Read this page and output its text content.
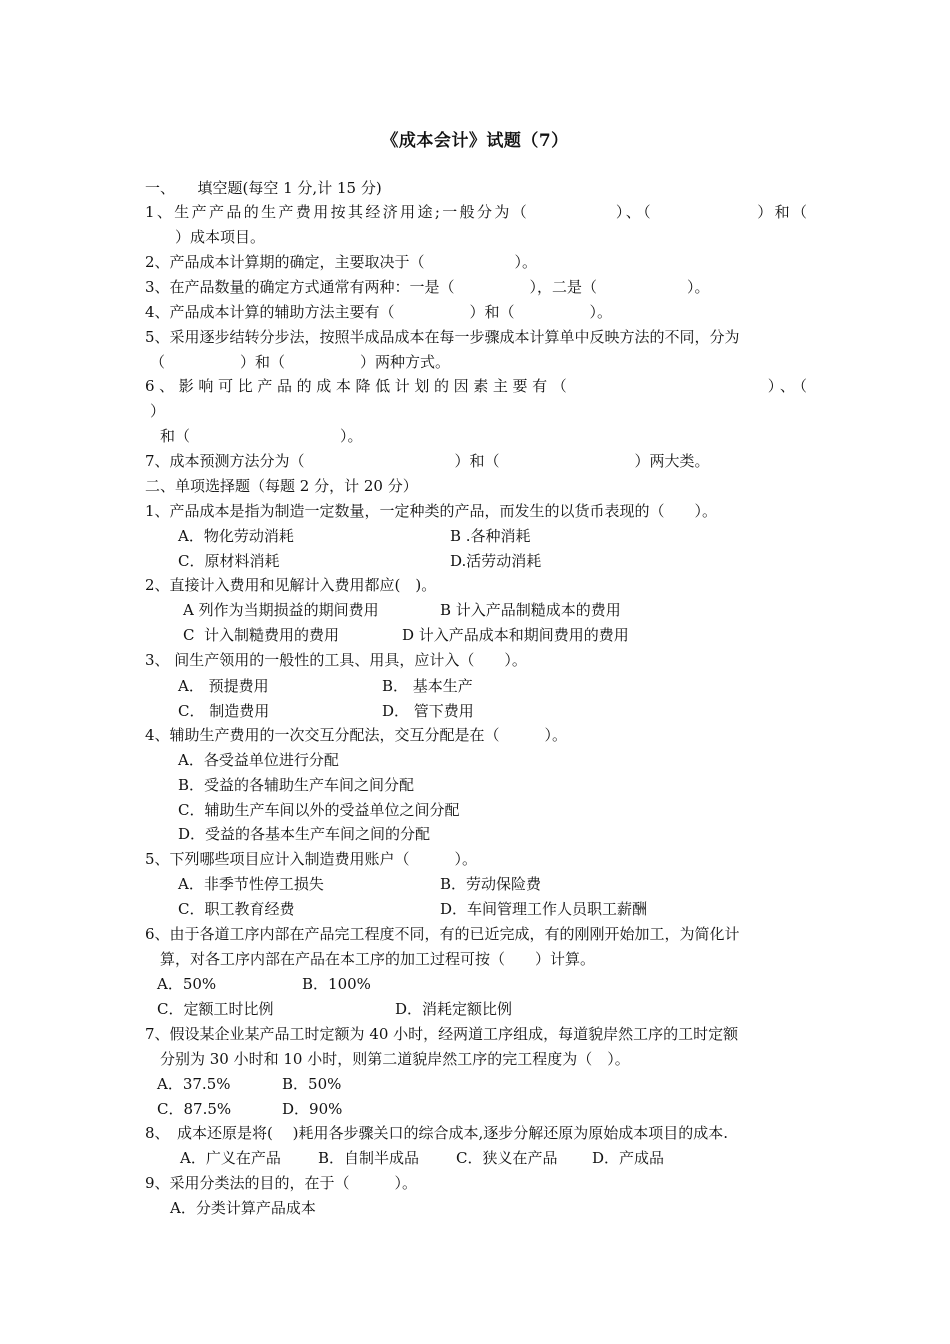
《成本会计》试题（7）
一、　　填空题(每空 1 分,计 15 分)
1、生产产品的生产费用按其经济用途;一般分为（　　　　　）、（　　　　　　）和（
　　）成本项目。
2、产品成本计算期的确定，主要取决于（　　　　　　）。
3、在产品数量的确定方式通常有两种：一是（　　　　　），二是（　　　　　　）。
4、产品成本计算的辅助方法主要有（　　　　　）和（　　　　　）。
5、采用逐步结转分步法，按照半成品成本在每一步骤成本计算单中反映方法的不同，分为
（　　　　　）和（　　　　　）两种方式。
6、影响可比产品的成本降低计划的因素主要有（　　　　　　　　　　）、（
）
和（　　　　　　　　　　）。
7、成本预测方法分为（　　　　　　　　　　）和（　　　　　　　　　）两大类。
二、单项选择题（每题 2 分，计 20 分）
1、产品成本是指为制造一定数量，一定种类的产品，而发生的以货币表现的（　　）。
A．物化劳动消耗	B .各种消耗
C．原材料消耗	D.活劳动消耗
2、直接计入费用和见解计入费用都应(　)。
A 列作为当期损益的期间费用	B 计入产品制糙成本的费用
C  计入制糙费用的费用	D 计入产品成本和期间费用的费用
3、 间生产领用的一般性的工具、用具，应计入（　　）。
A． 预提费用	B． 基本生产
C． 制造费用	D． 管下费用
4、辅助生产费用的一次交互分配法，交互分配是在（　　　）。
A．各受益单位进行分配
B．受益的各辅助生产车间之间分配
C．辅助生产车间以外的受益单位之间分配
D．受益的各基本生产车间之间的分配
5、下列哪些项目应计入制造费用账户（　　　）。
A．非季节性停工损失	B．劳动保险费
C．职工教育经费	D．车间管理工作人员职工薪酬
6、由于各道工序内部在产品完工程度不同，有的已近完成，有的刚刚开始加工，为简化计
算，对各工序内部在产品在本工序的加工过程可按（　　）计算。
A．50%	B．100%
C．定额工时比例	D．消耗定额比例
7、假设某企业某产品工时定额为 40 小时，经两道工序组成，每道貌岸然工序的工时定额
分别为 30 小时和 10 小时，则第二道貌岸然工序的完工程度为（　）。
A．37.5%	B．50%
C．87.5%	D．90%
8、　成本还原是将(　 )耗用各步骤关口的综合成本,逐步分解还原为原始成本项目的成本.
A．广义在产品 B．自制半成品 C．狭义在产品 D．产成品
9、采用分类法的目的，在于（　　　）。
A．分类计算产品成本
